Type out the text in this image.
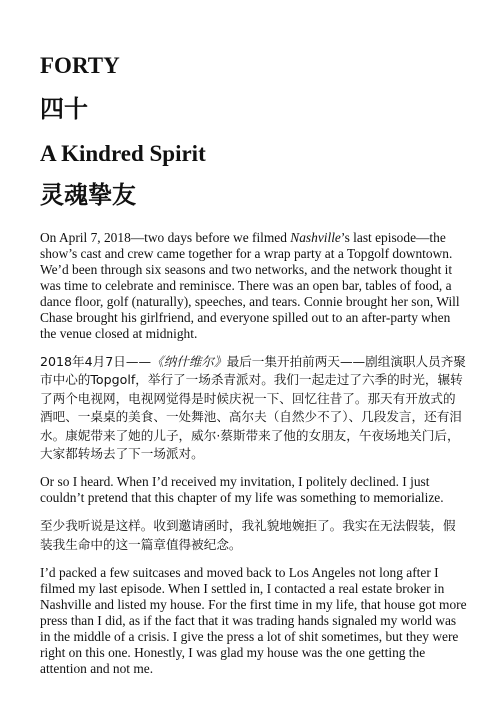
FORTY
四十
A Kindred Spirit
灵魂挚友

On April 7, 2018—two days before we filmed Nashville’s last episode—the show’s cast and crew came together for a wrap party at a Topgolf downtown. We’d been through six seasons and two networks, and the network thought it was time to celebrate and reminisce. There was an open bar, tables of food, a dance floor, golf (naturally), speeches, and tears. Connie brought her son, Will Chase brought his girlfriend, and everyone spilled out to an after-party when the venue closed at midnight.

2018年4月7日——《纳什维尔》最后一集开拍前两天——剧组演职人员齐聚市中心的Topgolf，举行了一场杀青派对。我们一起走过了六季的时光，辗转了两个电视网，电视网觉得是时候庆祝一下、回忆往昔了。那天有开放式的酒吧、一桌桌的美食、一处舞池、高尔夫（自然少不了）、几段发言，还有泪水。康妮带来了她的儿子，威尔·蔡斯带来了他的女朋友，午夜场地关门后，大家都转场去了下一场派对。

Or so I heard. When I’d received my invitation, I politely declined. I just couldn’t pretend that this chapter of my life was something to memorialize.

至少我听说是这样。收到邀请函时，我礼貌地婉拒了。我实在无法假装，假装我生命中的这一篇章值得被纪念。

I’d packed a few suitcases and moved back to Los Angeles not long after I filmed my last episode. When I settled in, I contacted a real estate broker in Nashville and listed my house. For the first time in my life, that house got more press than I did, as if the fact that it was trading hands signaled my world was in the middle of a crisis. I give the press a lot of shit sometimes, but they were right on this one. Honestly, I was glad my house was the one getting the attention and not me.
